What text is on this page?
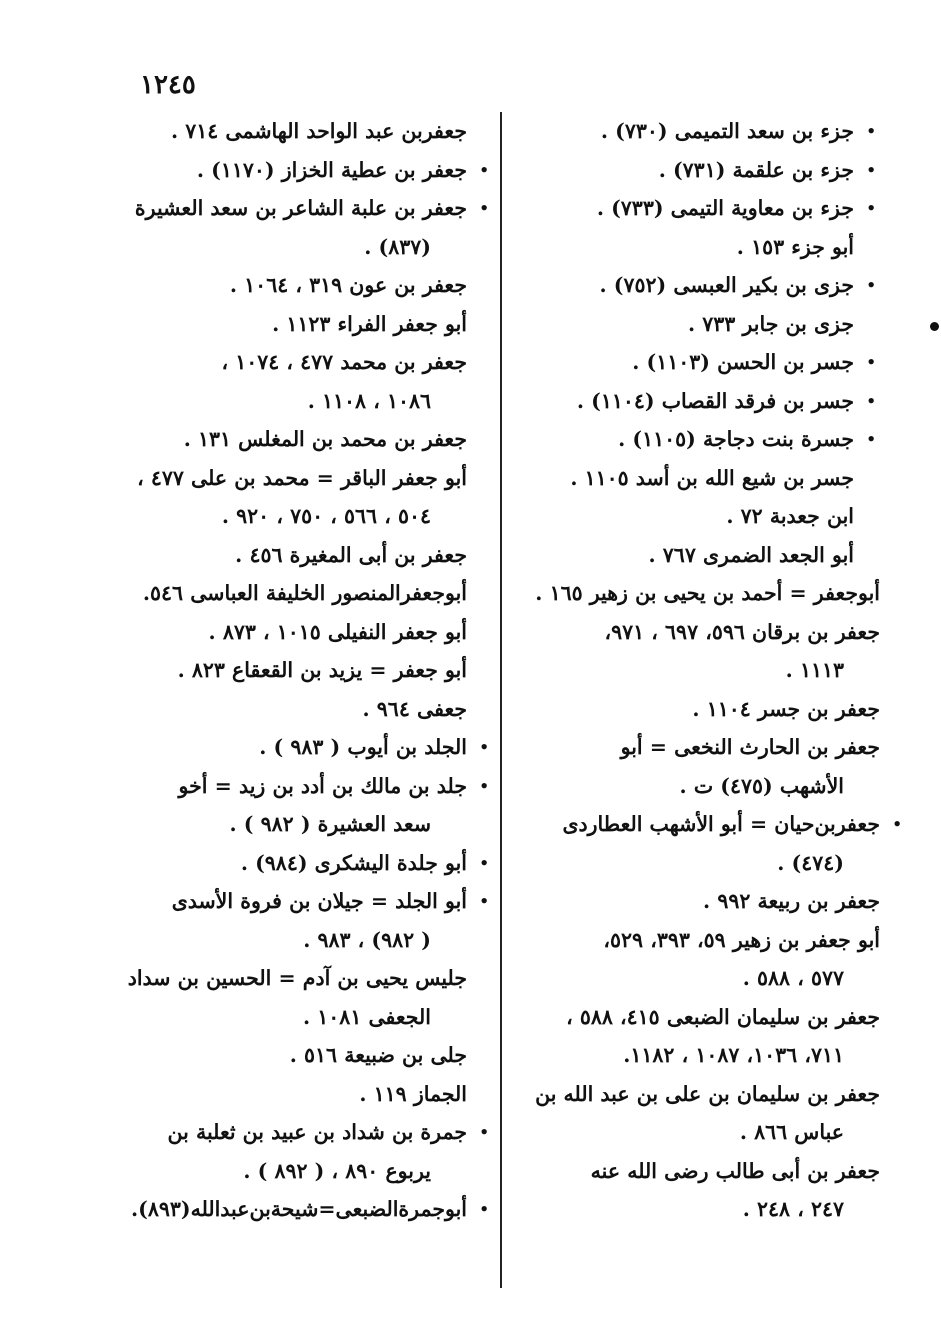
١٢٤٥
•
جزء بن سعد التميمى (٧٣٠) .
•
جزء بن علقمة (٧٣١) .
•
جزء بن معاوية التيمى (٧٣٣) .
أبو جزء ١٥٣ .
•
جزى بن بكير العبسى (٧٥٢) .
جزى بن جابر ٧٣٣ .
•
جسر بن الحسن (١١٠٣) .
•
جسر بن فرقد القصاب (١١٠٤) .
•
جسرة بنت دجاجة (١١٠٥) .
جسر بن شيع الله بن أسد ١١٠٥ .
ابن جعدبة ٧٢ .
أبو الجعد الضمرى ٧٦٧ .
أبوجعفر = أحمد بن يحيى بن زهير ١٦٥ .
جعفر بن برقان ٥٩٦، ٦٩٧ ، ٩٧١،
١١١٣ .
جعفر بن جسر ١١٠٤ .
جعفر بن الحارث النخعى = أبو
الأشهب (٤٧٥) ت .
•
جعفربن‌حيان = أبو الأشهب العطاردى
(٤٧٤) .
جعفر بن ربيعة ٩٩٢ .
أبو جعفر بن زهير ٥٩، ٣٩٣، ٥٢٩،
٥٧٧ ، ٥٨٨ .
جعفر بن سليمان الضبعى ٤١٥، ٥٨٨ ،
٧١١، ١٠٣٦، ١٠٨٧ ، ١١٨٢.
جعفر بن سليمان بن على بن عبد الله بن
عباس ٨٦٦ .
جعفر بن أبى طالب رضى الله عنه
٢٤٧ ، ٢٤٨ .
جعفربن عبد الواحد الهاشمى ٧١٤ .
•
جعفر بن عطية الخزاز (١١٧٠) .
•
جعفر بن علبة الشاعر بن سعد العشيرة
(٨٣٧) .
جعفر بن عون ٣١٩ ، ١٠٦٤ .
أبو جعفر الفراء ١١٢٣ .
جعفر بن محمد ٤٧٧ ، ١٠٧٤ ،
١٠٨٦ ، ١١٠٨ .
جعفر بن محمد بن المغلس ١٣١ .
أبو جعفر الباقر = محمد بن على ٤٧٧ ،
٥٠٤ ، ٥٦٦ ، ٧٥٠ ، ٩٢٠ .
جعفر بن أبى المغيرة ٤٥٦ .
أبوجعفرالمنصور الخليفة العباسى ٥٤٦.
أبو جعفر النفيلى ١٠١٥ ، ٨٧٣ .
أبو جعفر = يزيد بن القعقاع ٨٢٣ .
جعفى ٩٦٤ .
•
الجلد بن أيوب ( ٩٨٣ ) .
•
جلد بن مالك بن أدد بن زيد = أخو
سعد العشيرة ( ٩٨٢ ) .
•
أبو جلدة اليشكرى (٩٨٤) .
•
أبو الجلد = جيلان بن فروة الأسدى
( ٩٨٢) ، ٩٨٣ .
جليس يحيى بن آدم = الحسين بن سداد
الجعفى ١٠٨١ .
جلى بن ضبيعة ٥١٦ .
الجماز ١١٩ .
•
جمرة بن شداد بن عبيد بن ثعلبة بن
يربوع ٨٩٠ ، ( ٨٩٢ ) .
•
أبوجمرةالضبعى=شيحةبن‌عبدالله(٨٩٣).
